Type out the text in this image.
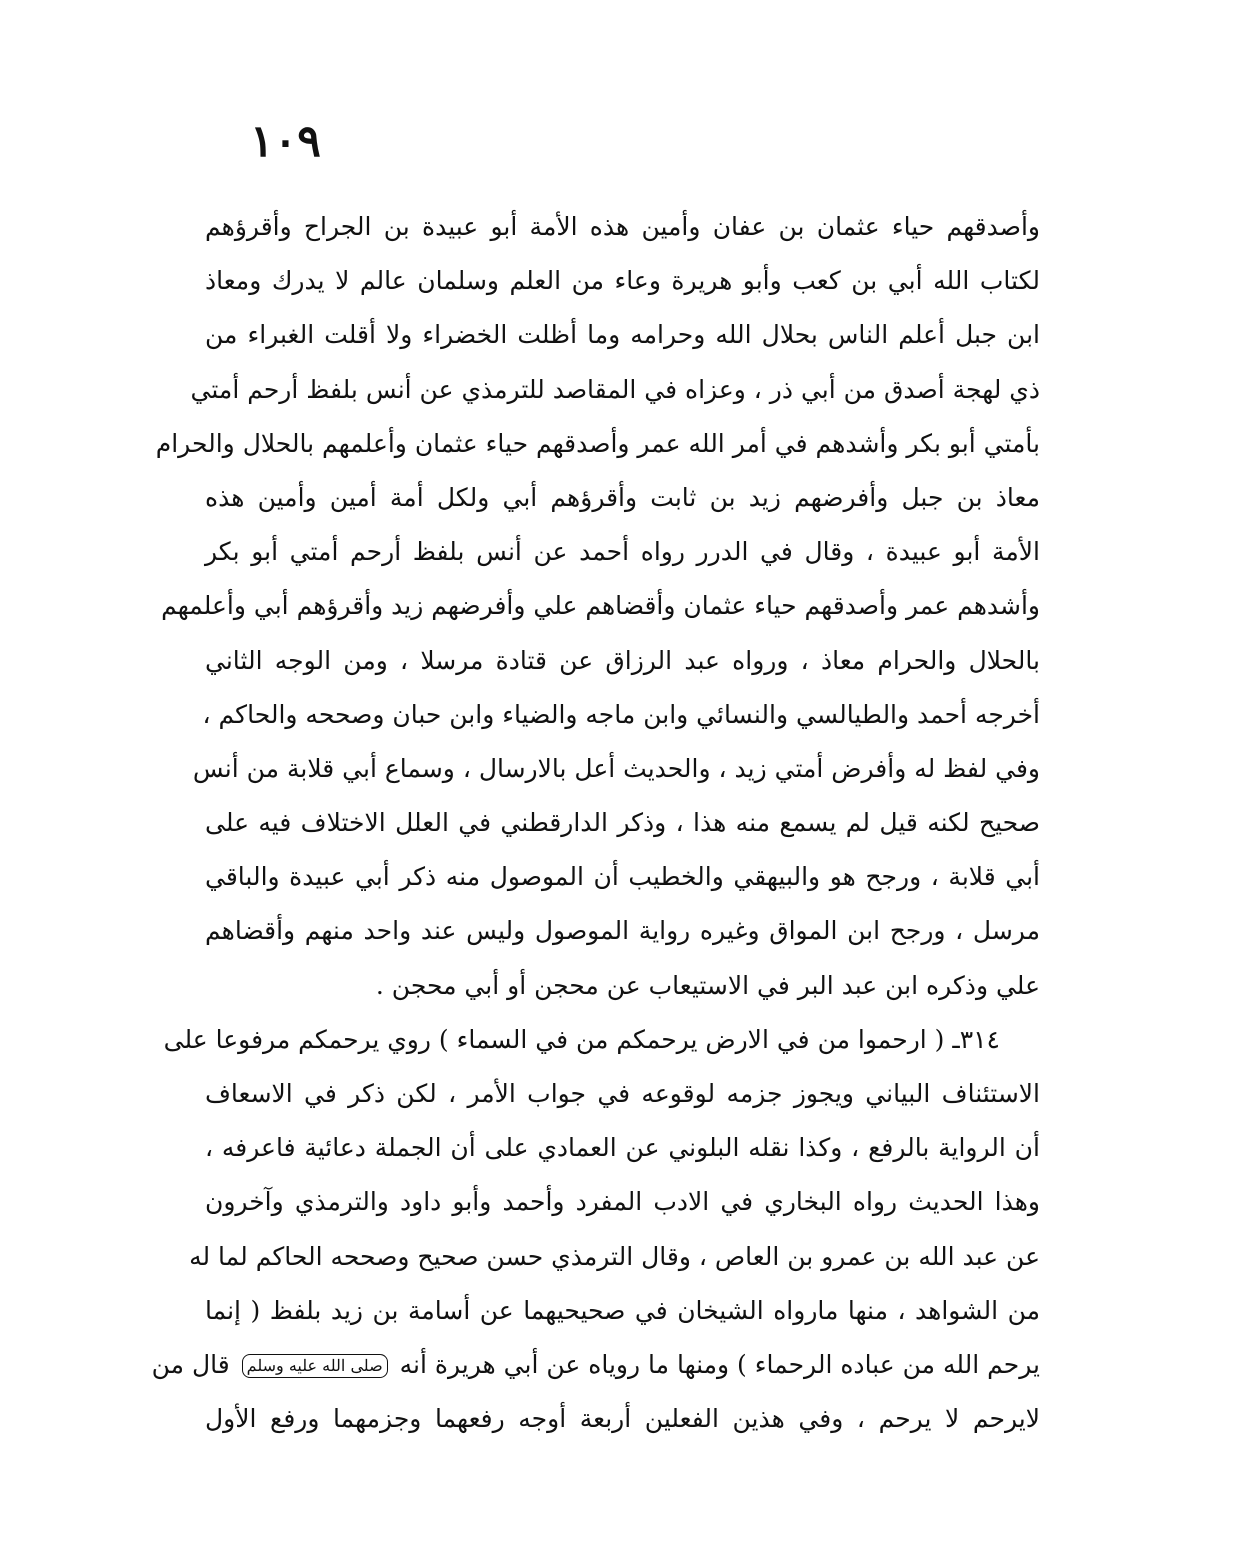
١٠٩
وأصدقهم حياء عثمان بن عفان وأمين هذه الأمة أبو عبيدة بن الجراح وأقرؤهم
لكتاب الله أبي بن كعب وأبو هريرة وعاء من العلم وسلمان عالم لا يدرك ومعاذ
ابن جبل أعلم الناس بحلال الله وحرامه وما أظلت الخضراء ولا أقلت الغبراء من
ذي لهجة أصدق من أبي ذر ، وعزاه في المقاصد للترمذي عن أنس بلفظ أرحم أمتي
بأمتي أبو بكر وأشدهم في أمر الله عمر وأصدقهم حياء عثمان وأعلمهم بالحلال والحرام
معاذ بن جبل وأفرضهم زيد بن ثابت وأقرؤهم أبي ولكل أمة أمين وأمين هذه
الأمة أبو عبيدة ، وقال في الدرر رواه أحمد عن أنس بلفظ أرحم أمتي أبو بكر
وأشدهم عمر وأصدقهم حياء عثمان وأقضاهم علي وأفرضهم زيد وأقرؤهم أبي وأعلمهم
بالحلال والحرام معاذ ، ورواه عبد الرزاق عن قتادة مرسلا ، ومن الوجه الثاني
أخرجه أحمد والطيالسي والنسائي وابن ماجه والضياء وابن حبان وصححه والحاكم ،
وفي لفظ له وأفرض أمتي زيد ، والحديث أعل بالارسال ، وسماع أبي قلابة من أنس
صحيح لكنه قيل لم يسمع منه هذا ، وذكر الدارقطني في العلل الاختلاف فيه على
أبي قلابة ، ورجح هو والبيهقي والخطيب أن الموصول منه ذكر أبي عبيدة والباقي
مرسل ، ورجح ابن المواق وغيره رواية الموصول وليس عند واحد منهم وأقضاهم
علي وذكره ابن عبد البر في الاستيعاب عن محجن أو أبي محجن .
٣١٤ـ ( ارحموا من في الارض يرحمكم من في السماء ) روي يرحمكم مرفوعا على
الاستئناف البياني ويجوز جزمه لوقوعه في جواب الأمر ، لكن ذكر في الاسعاف
أن الرواية بالرفع ، وكذا نقله البلوني عن العمادي على أن الجملة دعائية فاعرفه ،
وهذا الحديث رواه البخاري في الادب المفرد وأحمد وأبو داود والترمذي وآخرون
عن عبد الله بن عمرو بن العاص ، وقال الترمذي حسن صحيح وصححه الحاكم لما له
من الشواهد ، منها مارواه الشيخان في صحيحيهما عن أسامة بن زيد بلفظ ( إنما
يرحم الله من عباده الرحماء ) ومنها ما روياه عن أبي هريرة أنه صلى الله عليه وسلم قال من
لايرحم لا يرحم ، وفي هذين الفعلين أربعة أوجه رفعهما وجزمهما ورفع الأول
